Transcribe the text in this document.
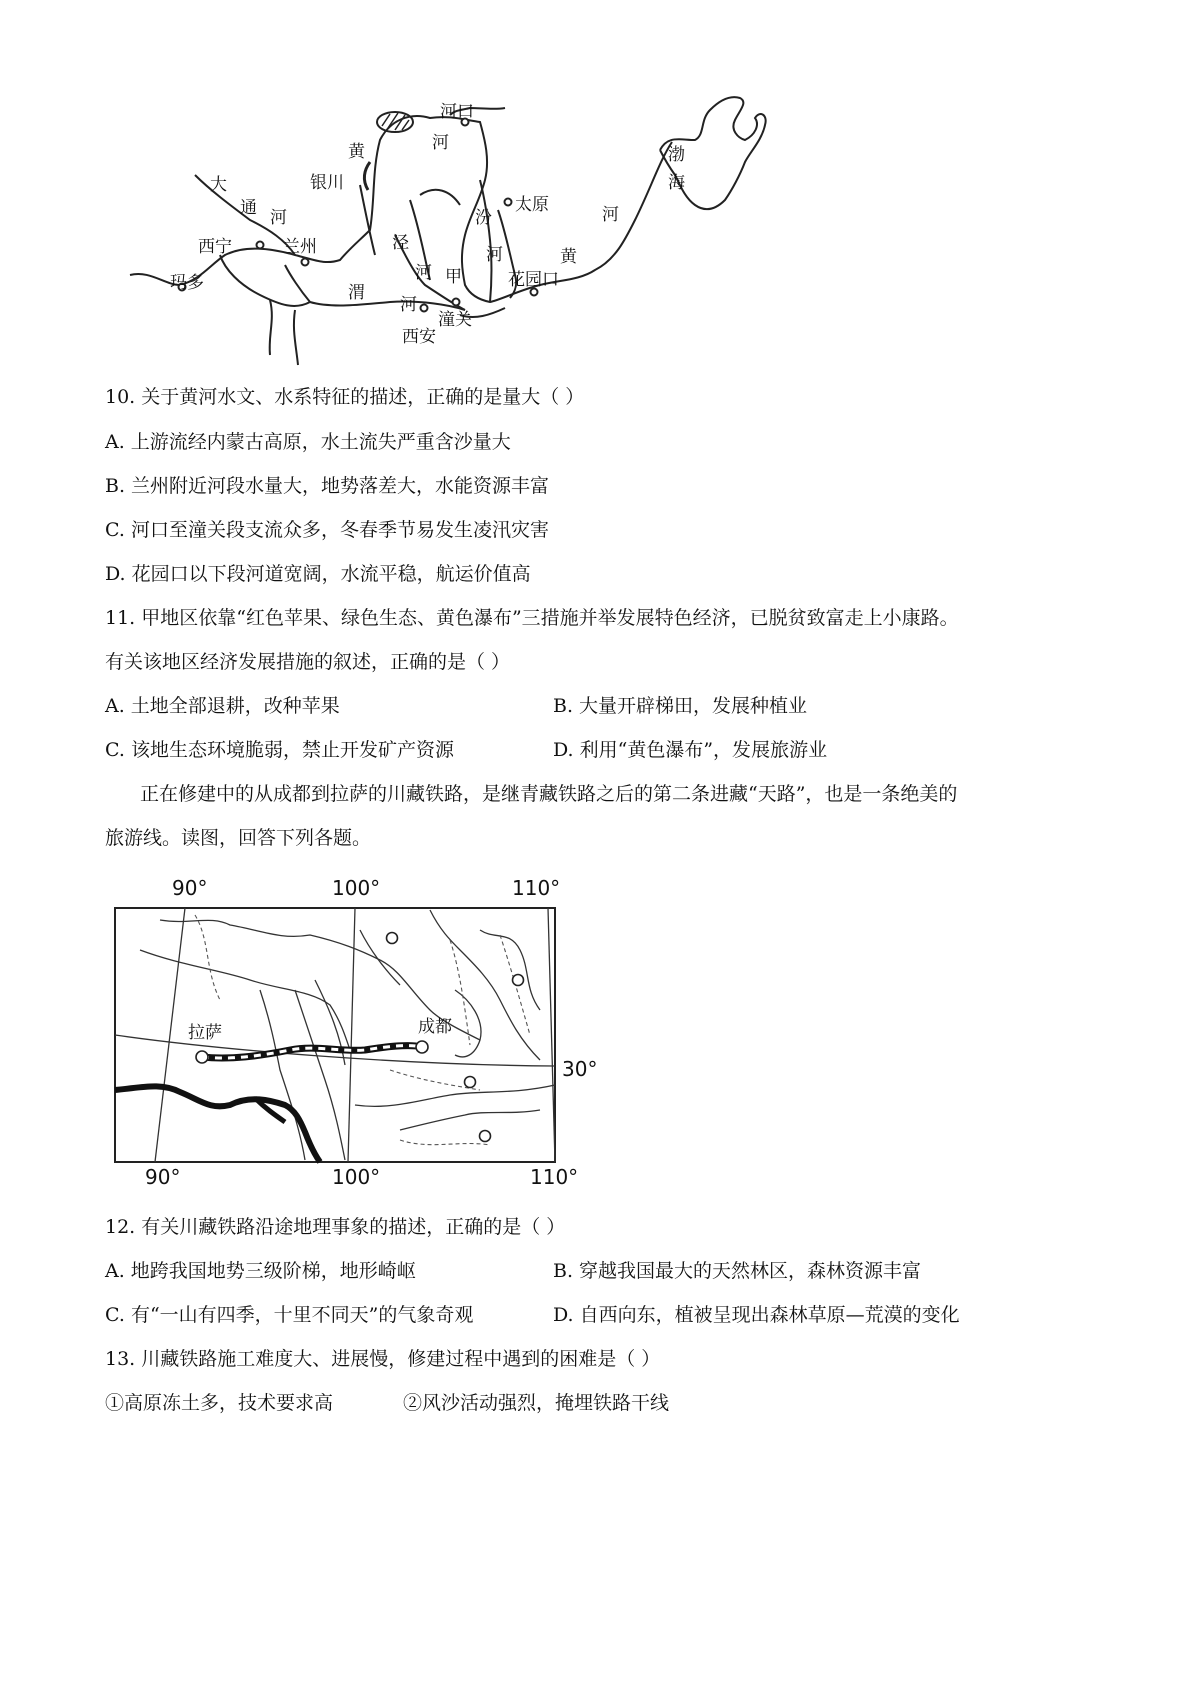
河口
河
黄
银川
渤
海
大
通 河
太原
汾
西宁	兰州
河
泾
河	黄
河 甲	花园口
玛多	渭
河
潼关
西安
10. 关于黄河水文、水系特征的描述，正确的是量大（ ）
A. 上游流经内蒙古高原，水土流失严重含沙量大
B. 兰州附近河段水量大，地势落差大，水能资源丰富
C. 河口至潼关段支流众多，冬春季节易发生凌汛灾害
D. 花园口以下段河道宽阔，水流平稳，航运价值高
11. 甲地区依靠“红色苹果、绿色生态、黄色瀑布”三措施并举发展特色经济，已脱贫致富走上小康路。
有关该地区经济发展措施的叙述，正确的是（ ）
A. 土地全部退耕，改种苹果	B. 大量开辟梯田，发展种植业
C. 该地生态环境脆弱，禁止开发矿产资源	D. 利用“黄色瀑布”，发展旅游业
正在修建中的从成都到拉萨的川藏铁路，是继青藏铁路之后的第二条进藏“天路”，也是一条绝美的
旅游线。读图，回答下列各题。
90°	100°	110°
90°	100°	110°
30°
拉萨	成都
12. 有关川藏铁路沿途地理事象的描述，正确的是（ ）
A. 地跨我国地势三级阶梯，地形崎岖	B. 穿越我国最大的天然林区，森林资源丰富
C. 有“一山有四季，十里不同天”的气象奇观	D. 自西向东，植被呈现出森林草原—荒漠的变化
13. 川藏铁路施工难度大、进展慢，修建过程中遇到的困难是（ ）
①高原冻土多，技术要求高	②风沙活动强烈，掩埋铁路干线
